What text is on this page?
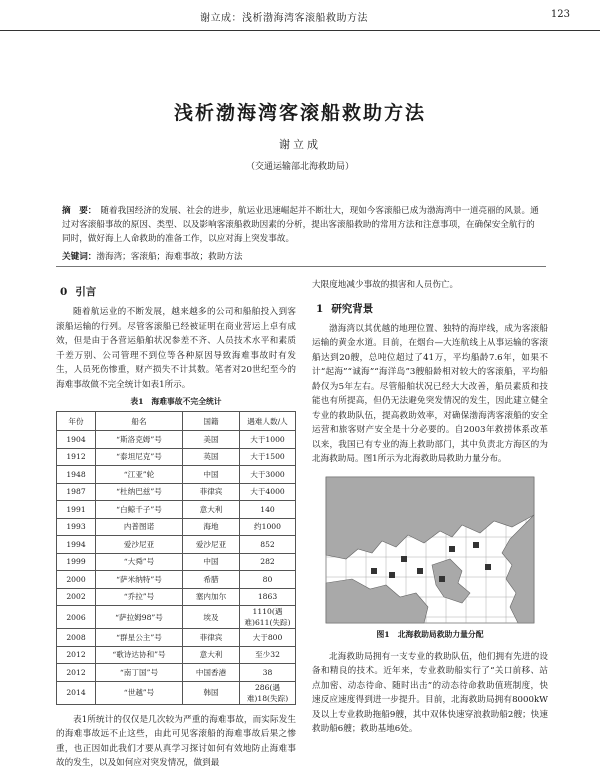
谢立成：浅析渤海湾客滚船救助方法	123
浅析渤海湾客滚船救助方法
谢立成
（交通运输部北海救助局）
摘　要： 随着我国经济的发展、社会的进步，航运业迅速崛起并不断壮大，现如今客滚船已成为渤海湾中一道亮丽的风景。通过对客滚船事故的原因、类型、以及影响客滚船救助因素的分析，提出客滚船救助的常用方法和注意事项，在确保安全航行的同时，做好海上人命救助的准备工作，以应对海上突发事故。
关键词：渤海湾；客滚船；海难事故；救助方法
0 引言

随着航运业的不断发展，越来越多的公司和船舶投入到客滚船运输的行列。尽管客滚船已经被证明在商业营运上卓有成效，但是由于各营运船舶状况参差不齐、人员技术水平和素质千差万别、公司管理不到位等各种原因导致海难事故时有发生，人员死伤惨重，财产损失不计其数。笔者对20世纪至今的海难事故做不完全统计如表1所示。

表1　海难事故不完全统计
年份	船名	国籍	遇难人数/人
1904	“斯洛克姆”号	美国	大于1000
1912	“泰坦尼克”号	英国	大于1500
1948	“江亚”轮	中国	大于3000
1987	“杜纳巴兹”号	菲律宾	大于4000
1991	“白鲸千子”号	意大利	140
1993	内普图诺	海地	约1000
1994	爱沙尼亚	爱沙尼亚	852
1999	“大舜”号	中国	282
2000	“萨米纳特”号	希腊	80
2002	“乔拉”号	塞内加尔	1863
2006	“萨拉姆98”号	埃及	1110(遇难)611(失踪)
2008	“群星公主”号	菲律宾	大于800
2012	“歌诗达协和”号	意大利	至少32
2012	“南丁国”号	中国香港	38
2014	“世越”号	韩国	286(遇难)18(失踪)

表1所统计的仅仅是几次较为严重的海难事故，而实际发生的海难事故远不止这些，由此可见客滚船的海难事故后果之惨重，也正因如此我们才要从真学习探讨如何有效地防止海难事故的发生，以及如何应对突发情况，做到最

大限度地减少事故的损害和人员伤亡。

1 研究背景

渤海湾以其优越的地理位置、独特的海岸线，成为客滚船运输的黄金水道。目前，在烟台—大连航线上从事运输的客滚船达到20艘，总吨位超过了41万，平均船龄7.6年，如果不计“起海”“诚海”“海洋岛”3艘船龄相对较大的客滚船，平均船龄仅为5年左右。尽管船舶状况已经大大改善，船员素质和技能也有所提高，但仍无法避免突发情况的发生，因此建立健全专业的救助队伍，提高救助效率，对确保渤海湾客滚船的安全运营和旅客财产安全是十分必要的。自2003年救捞体系改革以来，我国已有专业的海上救助部门，其中负责北方海区的为北海救助局。图1所示为北海救助局救助力量分布。

图1 北海救助局救助力量分配

北海救助局拥有一支专业的救助队伍，他们拥有先进的设备和精良的技术。近年来，专业救助船实行了“关口前移、站点加密、动态待命、随时出击”的动态待命救助值班制度，快速反应速度得到进一步提升。目前，北海救助局拥有8000kW及以上专业救助拖船9艘，其中双体快速穿浪救助船2艘；快速救助船6艘；救助基地6处。
